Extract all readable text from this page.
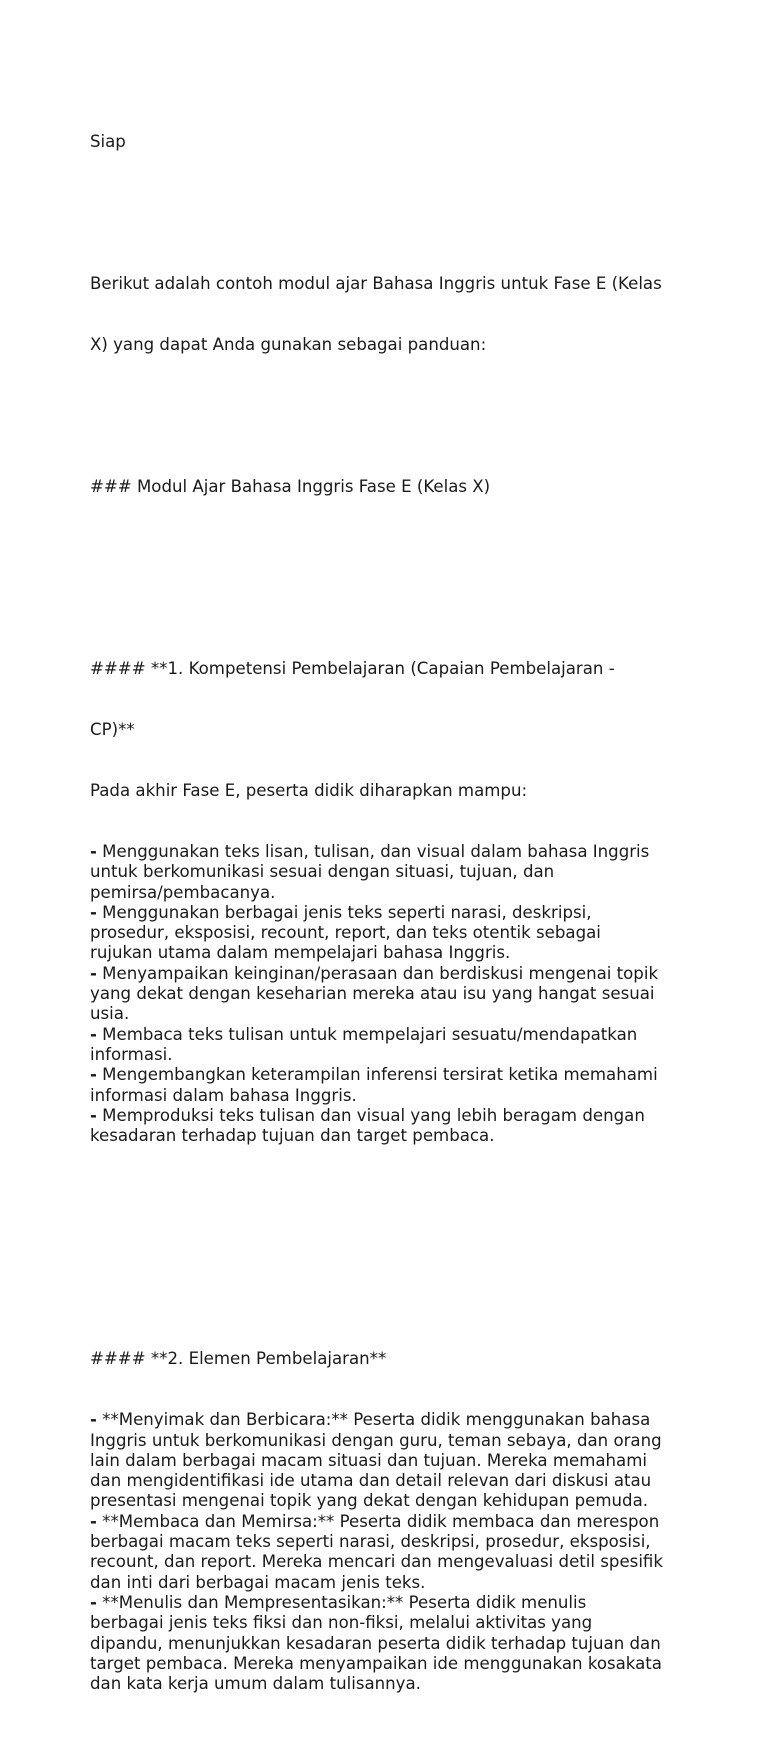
Siap

Berikut adalah contoh modul ajar Bahasa Inggris untuk Fase E (Kelas

X) yang dapat Anda gunakan sebagai panduan:

### Modul Ajar Bahasa Inggris Fase E (Kelas X)

#### **1. Kompetensi Pembelajaran (Capaian Pembelajaran -

CP)**

Pada akhir Fase E, peserta didik diharapkan mampu:

- Menggunakan teks lisan, tulisan, dan visual dalam bahasa Inggris
untuk berkomunikasi sesuai dengan situasi, tujuan, dan
pemirsa/pembacanya.
- Menggunakan berbagai jenis teks seperti narasi, deskripsi,
prosedur, eksposisi, recount, report, dan teks otentik sebagai
rujukan utama dalam mempelajari bahasa Inggris.
- Menyampaikan keinginan/perasaan dan berdiskusi mengenai topik
yang dekat dengan keseharian mereka atau isu yang hangat sesuai
usia.
- Membaca teks tulisan untuk mempelajari sesuatu/mendapatkan
informasi.
- Mengembangkan keterampilan inferensi tersirat ketika memahami
informasi dalam bahasa Inggris.
- Memproduksi teks tulisan dan visual yang lebih beragam dengan
kesadaran terhadap tujuan dan target pembaca.

#### **2. Elemen Pembelajaran**

- **Menyimak dan Berbicara:** Peserta didik menggunakan bahasa
Inggris untuk berkomunikasi dengan guru, teman sebaya, dan orang
lain dalam berbagai macam situasi dan tujuan. Mereka memahami
dan mengidentifikasi ide utama dan detail relevan dari diskusi atau
presentasi mengenai topik yang dekat dengan kehidupan pemuda.
- **Membaca dan Memirsa:** Peserta didik membaca dan merespon
berbagai macam teks seperti narasi, deskripsi, prosedur, eksposisi,
recount, dan report. Mereka mencari dan mengevaluasi detil spesifik
dan inti dari berbagai macam jenis teks.
- **Menulis dan Mempresentasikan:** Peserta didik menulis
berbagai jenis teks fiksi dan non-fiksi, melalui aktivitas yang
dipandu, menunjukkan kesadaran peserta didik terhadap tujuan dan
target pembaca. Mereka menyampaikan ide menggunakan kosakata
dan kata kerja umum dalam tulisannya.
